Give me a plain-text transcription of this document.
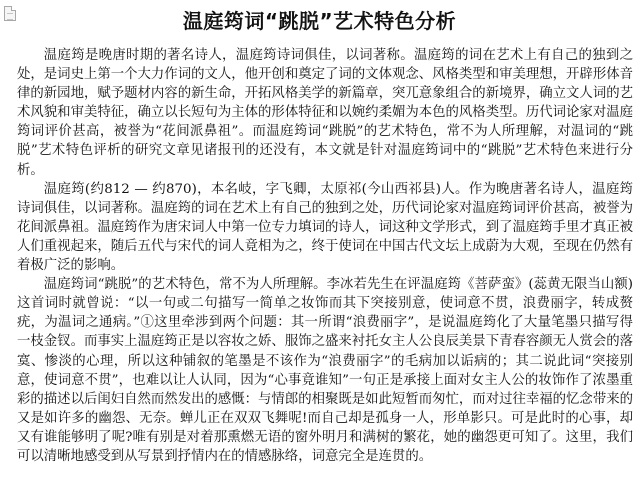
温庭筠词“跳脱”艺术特色分析

温庭筠是晚唐时期的著名诗人，温庭筠诗词俱佳，以词著称。温庭筠的词在艺术上有自己的独到之处，是词史上第一个大力作词的文人，他开创和奠定了词的文体观念、风格类型和审美理想，开辟形体音律的新园地，赋予题材内容的新生命，开拓风格美学的新篇章，突兀意象组合的新境界，确立文人词的艺术风貌和审美特征，确立以长短句为主体的形体特征和以婉约柔媚为本色的风格类型。历代词论家对温庭筠词评价甚高，被誉为“花间派鼻祖”。而温庭筠词“跳脱”的艺术特色，常不为人所理解，对温词的“跳脱”艺术特色评析的研究文章见诸报刊的还没有，本文就是针对温庭筠词中的“跳脱”艺术特色来进行分析。

温庭筠(约812 — 约870)，本名岐，字飞卿，太原祁(今山西祁县)人。作为晚唐著名诗人，温庭筠诗词俱佳，以词著称。温庭筠的词在艺术上有自己的独到之处，历代词论家对温庭筠词评价甚高，被誉为花间派鼻祖。温庭筠作为唐宋词人中第一位专力填词的诗人，词这种文学形式，到了温庭筠手里才真正被人们重视起来，随后五代与宋代的词人竟相为之，终于使词在中国古代文坛上成蔚为大观，至现在仍然有着极广泛的影响。

温庭筠词“跳脱”的艺术特色，常不为人所理解。李冰若先生在评温庭筠《菩萨蛮》(蕊黄无限当山额)这首词时就曾说：“以一句或二句描写一简单之妆饰而其下突接别意，使词意不贯，浪费丽字，转成赘疣，为温词之通病。”①这里牵涉到两个问题：其一所谓“浪费丽字”，是说温庭筠化了大量笔墨只描写得一枝金钗。而事实上温庭筠正是以容妆之娇、服饰之盛来衬托女主人公良辰美景下青春容颜无人赏会的落寞、惨淡的心理，所以这种铺叙的笔墨是不该作为“浪费丽字”的毛病加以诟病的；其二说此词“突接别意，使词意不贯”，也难以让人认同，因为“心事竟谁知”一句正是承接上面对女主人公的妆饰作了浓墨重彩的描述以后闺妇自然而然发出的感慨：与情郎的相聚既是如此短暂而匆忙，而对过往幸福的忆念带来的又是如许多的幽怨、无奈。蝉儿正在双双飞舞呢!而自己却是孤身一人，形单影只。可是此时的心事，却又有谁能够明了呢?唯有别是对着那熏燃无语的窗外明月和满树的繁花，她的幽怨更可知了。这里，我们可以清晰地感受到从写景到抒情内在的情感脉络，词意完全是连贯的。
